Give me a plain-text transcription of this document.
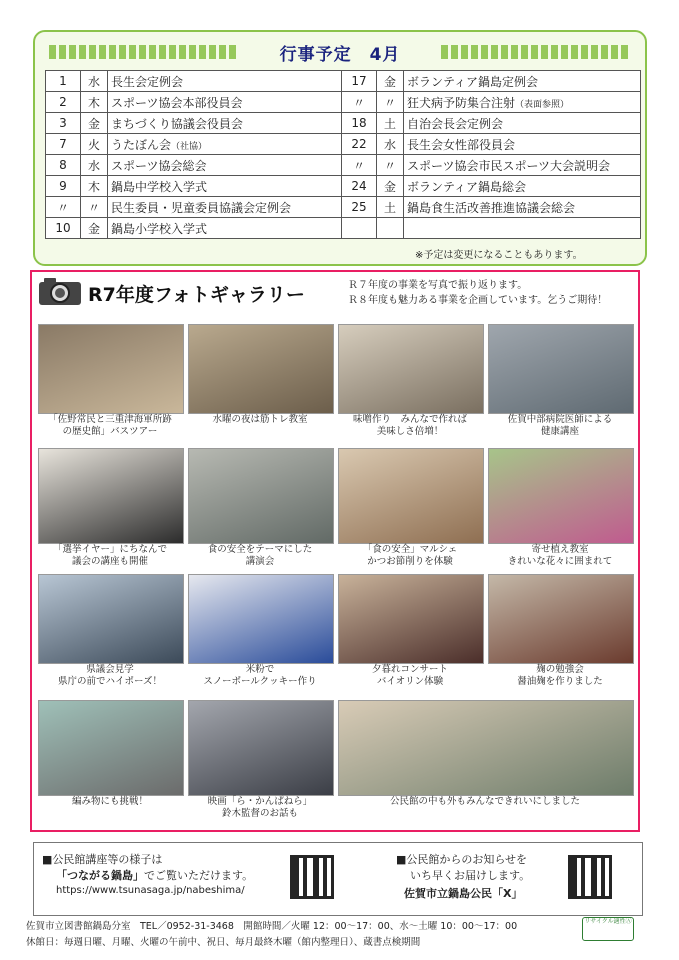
行事予定　4月
1	水	長生会定例会
2	木	スポーツ協会本部役員会
3	金	まちづくり協議会役員会
7	火	うたぼん会（社協）
8	水	スポーツ協会総会
9	木	鍋島中学校入学式
〃	〃	民生委員・児童委員協議会定例会
10	金	鍋島小学校入学式
17	金	ボランティア鍋島定例会
〃	〃	狂犬病予防集合注射（表面参照）
18	土	自治会長会定例会
22	水	長生会女性部役員会
〃	〃	スポーツ協会市民スポーツ大会説明会
24	金	ボランティア鍋島総会
25	土	鍋島食生活改善推進協議会総会

※予定は変更になることもあります。
R7年度フォトギャラリー	Ｒ７年度の事業を写真で振り返ります。
Ｒ８年度も魅力ある事業を企画しています。乞うご期待！
「佐野常民と三重津海軍所跡
の歴史館」バスツアー
水曜の夜は筋トレ教室	味噌作り　みんなで作れば
美味しさ倍増！
佐賀中部病院医師による
健康講座
「選挙イヤー」にちなんで
議会の講座も開催
食の安全をテーマにした
講演会
「食の安全」マルシェ
かつお節削りを体験
寄せ植え教室
きれいな花々に囲まれて
県議会見学
県庁の前でハイポーズ！
米粉で
スノーボールクッキー作り
夕暮れコンサート
バイオリン体験
麹の勉強会
醤油麹を作りました
編み物にも挑戦！	映画「ら・かんぱねら」
鈴木監督のお話も
公民館の中も外もみんなできれいにしました
■公民館講座等の様子は
「つながる鍋島」でご覧いただけます。
https://www.tsunasaga.jp/nabeshima/
■公民館からのお知らせを
いち早くお届けします。
佐賀市立鍋島公民「X」
佐賀市立図書館鍋島分室　TEL／0952-31-3468　開館時間／火曜 12：00～17：00、水～土曜 10：00～17：00
休館日：毎週日曜、月曜、火曜の午前中、祝日、毎月最終木曜（館内整理日）、蔵書点検期間
リサイクル適性Ⓐ
